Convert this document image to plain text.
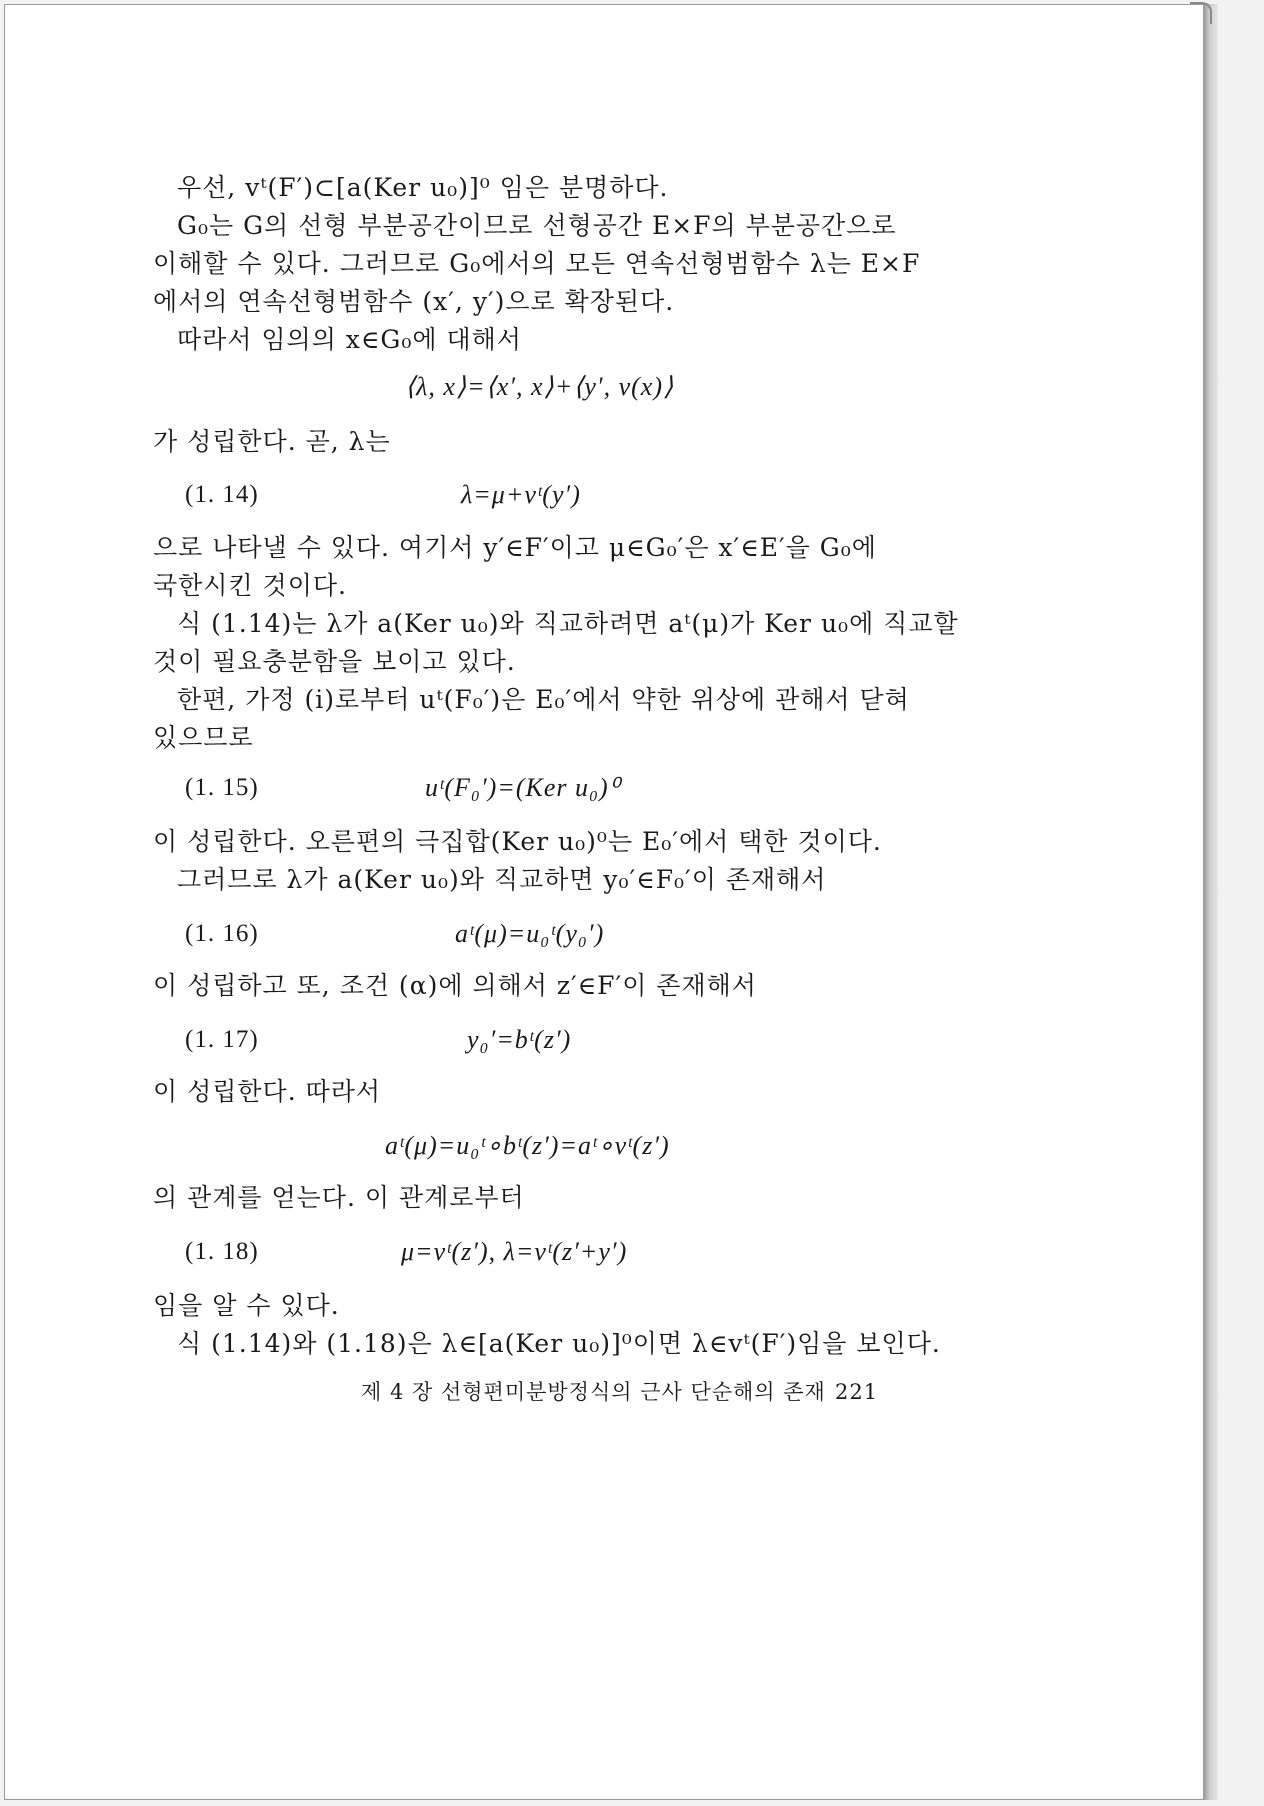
우선, vᵗ(F′)⊂[a(Ker u₀)]⁰ 임은 분명하다.
G₀는 G의 선형 부분공간이므로 선형공간 E×F의 부분공간으로
이해할 수 있다. 그러므로 G₀에서의 모든 연속선형범함수 λ는 E×F
에서의 연속선형범함수 (x′, y′)으로 확장된다.
따라서 임의의 x∈G₀에 대해서
⟨λ, x⟩=⟨x′, x⟩+⟨y′, v(x)⟩
가 성립한다. 곧, λ는
(1. 14)	λ=μ+vᵗ(y′)
으로 나타낼 수 있다. 여기서 y′∈F′이고 μ∈G₀′은 x′∈E′을 G₀에
국한시킨 것이다.
식 (1.14)는 λ가 a(Ker u₀)와 직교하려면 aᵗ(μ)가 Ker u₀에 직교할
것이 필요충분함을 보이고 있다.
한편, 가정 (i)로부터 uᵗ(F₀′)은 E₀′에서 약한 위상에 관해서 닫혀
있으므로
(1. 15)	uᵗ(F₀′)=(Ker u₀)⁰
이 성립한다. 오른편의 극집합(Ker u₀)⁰는 E₀′에서 택한 것이다.
그러므로 λ가 a(Ker u₀)와 직교하면 y₀′∈F₀′이 존재해서
(1. 16)	aᵗ(μ)=u₀ᵗ(y₀′)
이 성립하고 또, 조건 (α)에 의해서 z′∈F′이 존재해서
(1. 17)	y₀′=bᵗ(z′)
이 성립한다. 따라서
aᵗ(μ)=u₀ᵗ∘bᵗ(z′)=aᵗ∘vᵗ(z′)
의 관계를 얻는다. 이 관계로부터
(1. 18)	μ=vᵗ(z′), λ=vᵗ(z′+y′)
임을 알 수 있다.
식 (1.14)와 (1.18)은 λ∈[a(Ker u₀)]⁰이면 λ∈vᵗ(F′)임을 보인다.
제 4 장 선형편미분방정식의 근사 단순해의 존재 221
